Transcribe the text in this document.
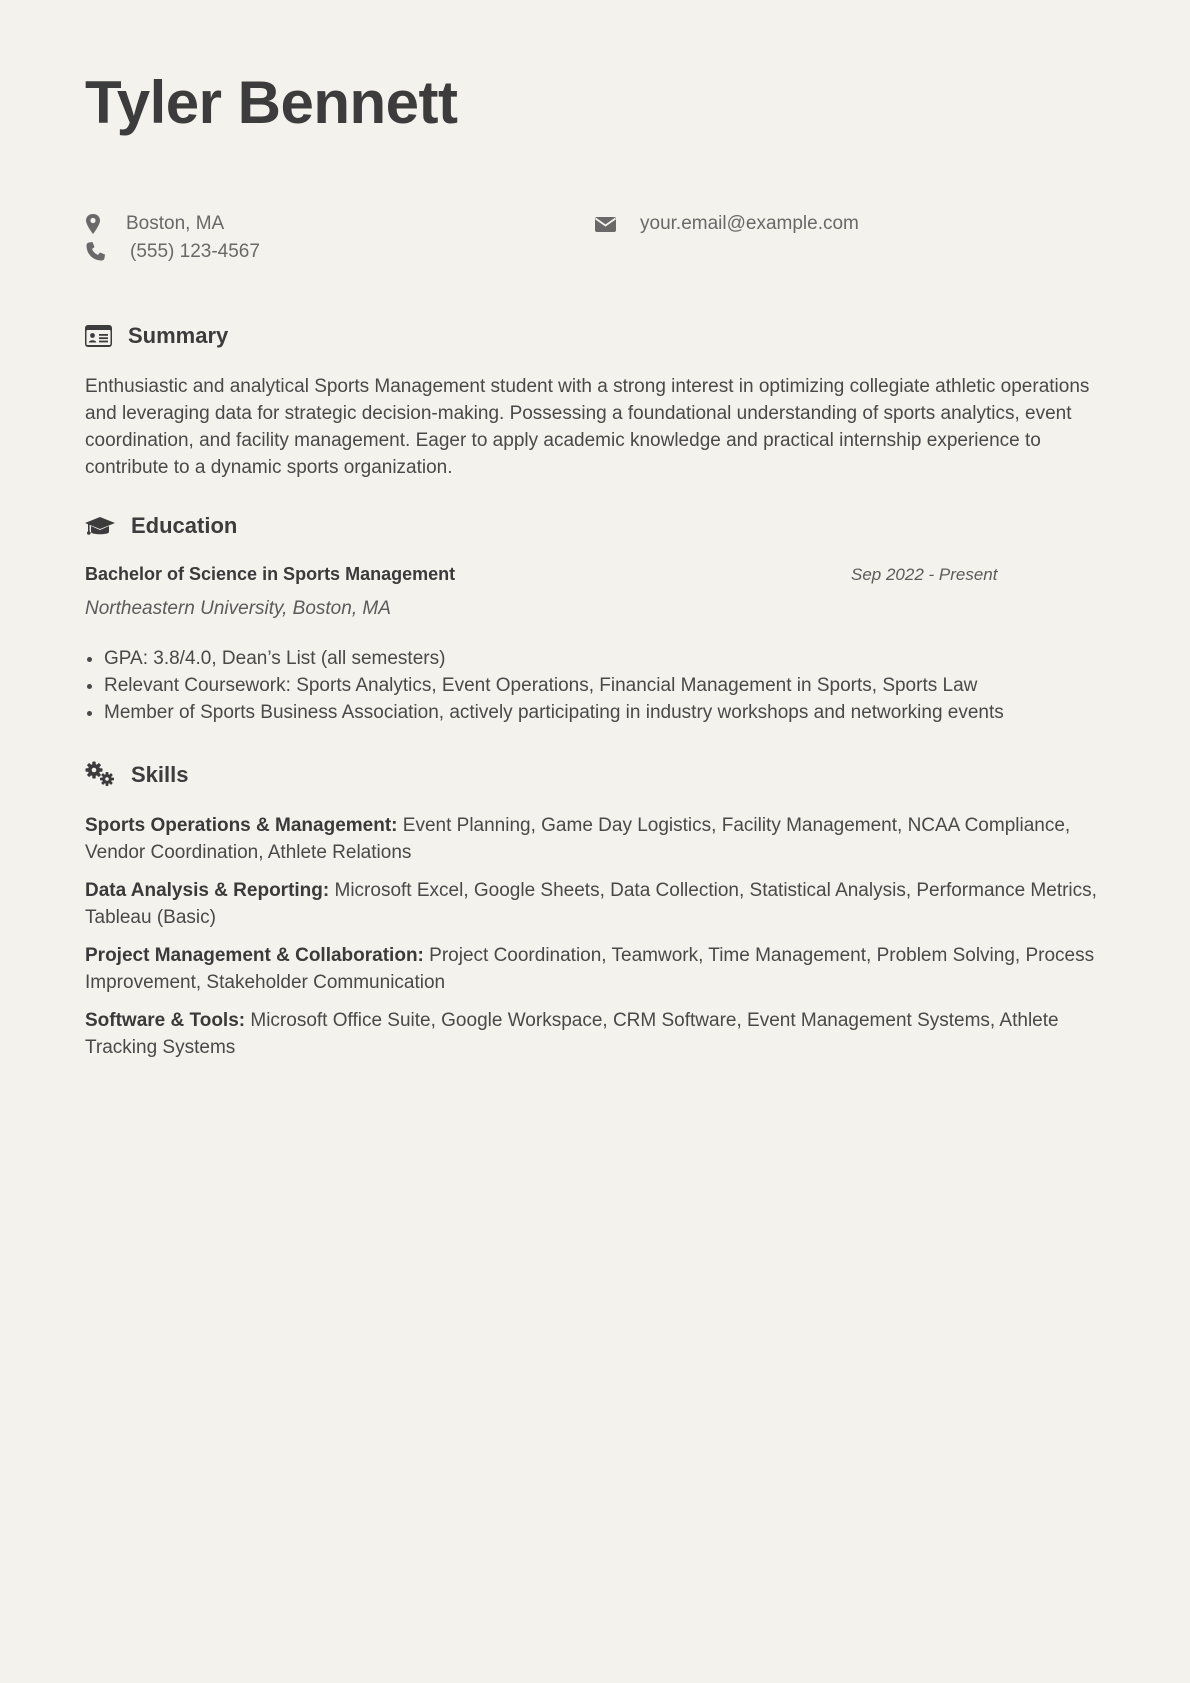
Tyler Bennett
Boston, MA	your.email@example.com
(555) 123-4567
Summary

Enthusiastic and analytical Sports Management student with a strong interest in optimizing collegiate athletic operations and leveraging data for strategic decision-making. Possessing a foundational understanding of sports analytics, event coordination, and facility management. Eager to apply academic knowledge and practical internship experience to contribute to a dynamic sports organization.

Education
Bachelor of Science in Sports Management	Sep 2022 - Present
Northeastern University, Boston, MA
GPA: 3.8/4.0, Dean’s List (all semesters)
Relevant Coursework: Sports Analytics, Event Operations, Financial Management in Sports, Sports Law
Member of Sports Business Association, actively participating in industry workshops and networking events
Skills

Sports Operations & Management: Event Planning, Game Day Logistics, Facility Management, NCAA Compliance, Vendor Coordination, Athlete Relations

Data Analysis & Reporting: Microsoft Excel, Google Sheets, Data Collection, Statistical Analysis, Performance Metrics, Tableau (Basic)

Project Management & Collaboration: Project Coordination, Teamwork, Time Management, Problem Solving, Process Improvement, Stakeholder Communication

Software & Tools: Microsoft Office Suite, Google Workspace, CRM Software, Event Management Systems, Athlete Tracking Systems
